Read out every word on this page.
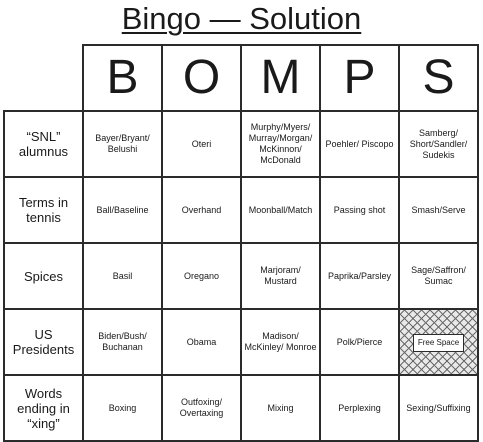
Bingo — Solution
	B	O	M	P	S
“SNL” alumnus	Bayer/Bryant/ Belushi	Oteri	Murphy/Myers/ Murray/Morgan/ McKinnon/ McDonald	Poehler/ Piscopo	Samberg/ Short/Sandler/ Sudekis
Terms in tennis	Ball/Baseline	Overhand	Moonball/Match	Passing shot	Smash/Serve
Spices	Basil	Oregano	Marjoram/ Mustard	Paprika/Parsley	Sage/Saffron/ Sumac
US Presidents	Biden/Bush/ Buchanan	Obama	Madison/ McKinley/ Monroe	Polk/Pierce	Free Space
Words ending in “xing”	Boxing	Outfoxing/ Overtaxing	Mixing	Perplexing	Sexing/Suffixing
